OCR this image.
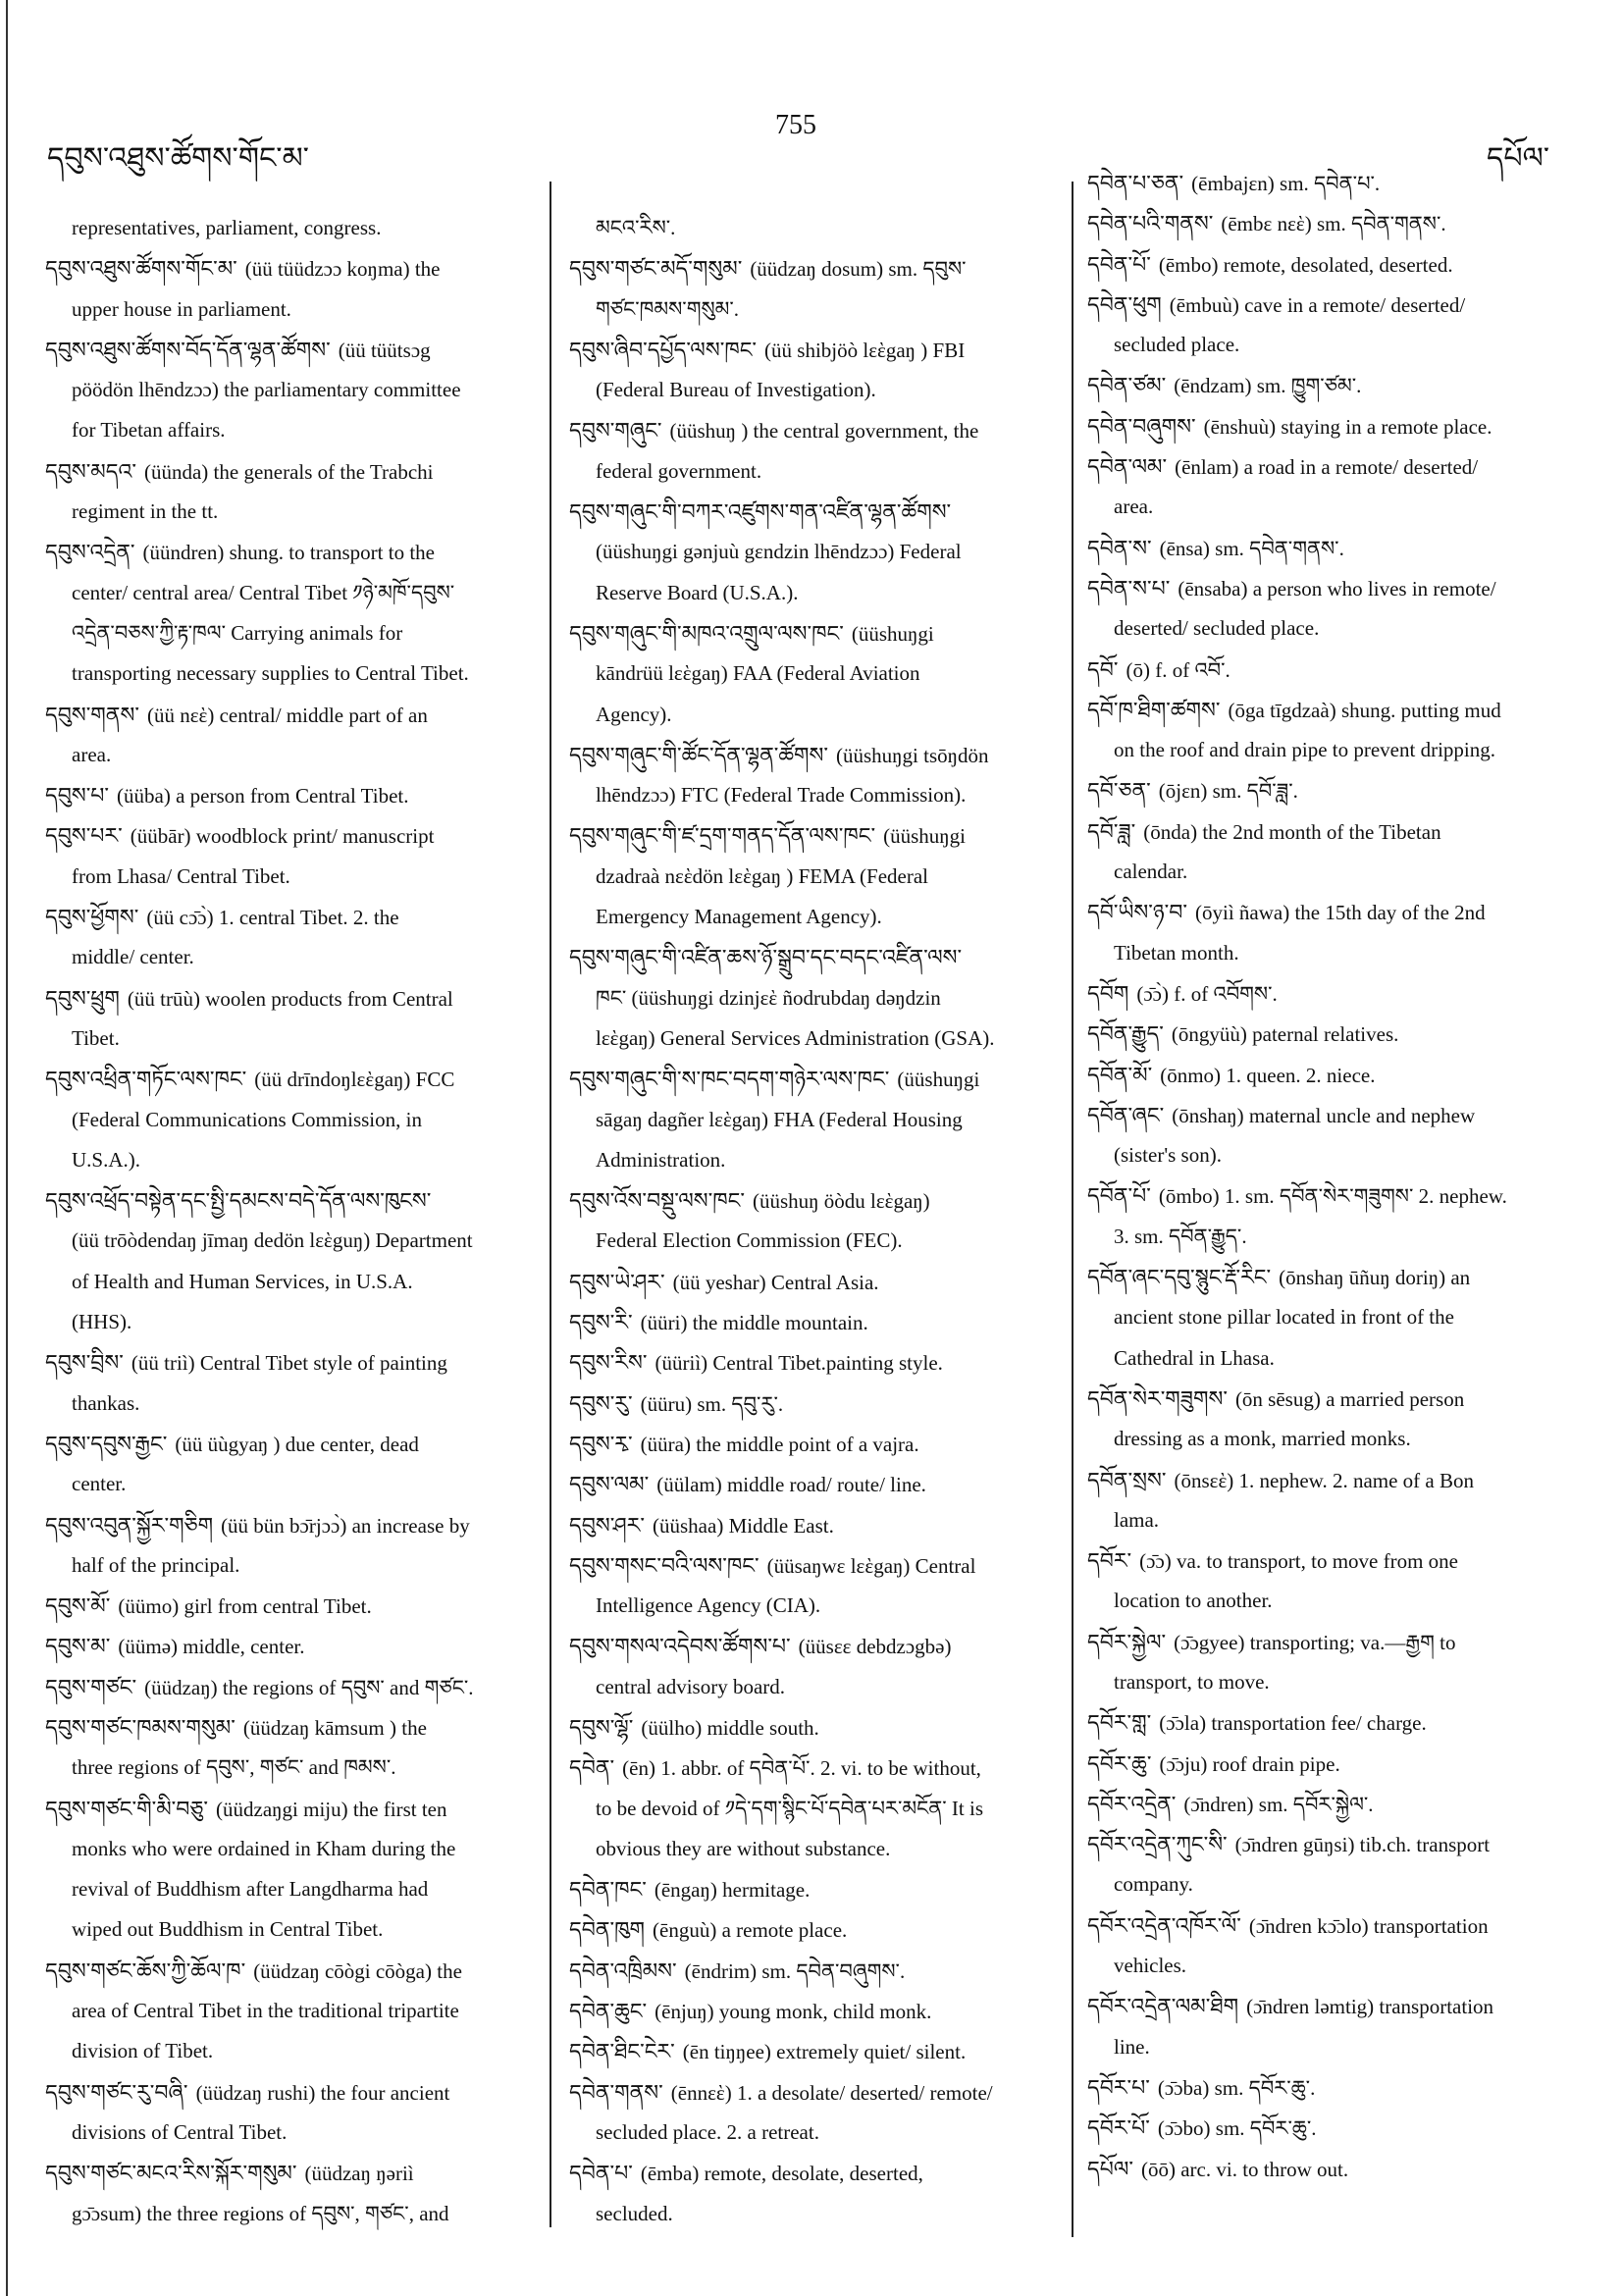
དབུས་འཐུས་ཚོགས་གོང་མ་
755
དཔོལ་
representatives, parliament, congress.
དབུས་འཐུས་ཚོགས་གོང་མ་ (üü tüüdzɔɔ koŋma) the
upper house in parliament.
དབུས་འཐུས་ཚོགས་བོད་དོན་ལྷན་ཚོགས་ (üü tüütsɔg
pöödön lhēndzɔɔ) the parliamentary committee
for Tibetan affairs.
དབུས་མདའ་ (üünda) the generals of the Trabchi
regiment in the tt.
དབུས་འདྲེན་ (üündren) shung. to transport to the
center/ central area/ Central Tibet ༡ཉེ་མཁོ་དབུས་
འདྲེན་བཅས་ཀྱི་རྟ་ཁལ་ Carrying animals for
transporting necessary supplies to Central Tibet.
དབུས་གནས་ (üü nεὲ) central/ middle part of an
area.
དབུས་པ་ (üüba) a person from Central Tibet.
དབུས་པར་ (üübār) woodblock print/ manuscript
from Lhasa/ Central Tibet.
དབུས་ཕྱོགས་ (üü cɔ̄ɔ̀) 1. central Tibet. 2. the
middle/ center.
དབུས་ཕྲུག (üü trūù) woolen products from Central
Tibet.
དབུས་འཕྲིན་གཏོང་ལས་ཁང་ (üü drīndoŋlεὲgaŋ) FCC
(Federal Communications Commission, in
U.S.A.).
དབུས་འཕྲོད་བསྟེན་དང་སྤྱི་དམངས་བདེ་དོན་ལས་ཁུངས་
(üü trōòdendaŋ jīmaŋ dedön lεὲguŋ) Department
of Health and Human Services, in U.S.A.
(HHS).
དབུས་བྲིས་ (üü triì) Central Tibet style of painting
thankas.
དབུས་དབུས་རྒྱང་ (üü üùgyaŋ ) due center, dead
center.
དབུས་འབུན་སྐྱོར་གཅིག (üü bün bɔ̄rjɔɔ̀) an increase by
half of the principal.
དབུས་མོ་ (üümo) girl from central Tibet.
དབུས་མ་ (üümə) middle, center.
དབུས་གཙང་ (üüdzaŋ) the regions of དབུས་ and གཙང་.
དབུས་གཙང་ཁམས་གསུམ་ (üüdzaŋ kāmsum ) the
three regions of དབུས་, གཙང་ and ཁམས་.
དབུས་གཙང་གི་མི་བཅུ་ (üüdzaŋgi miju) the first ten
monks who were ordained in Kham during the
revival of Buddhism after Langdharma had
wiped out Buddhism in Central Tibet.
དབུས་གཙང་ཆོས་ཀྱི་ཆོལ་ཁ་ (üüdzaŋ cōògi cōòga) the
area of Central Tibet in the traditional tripartite
division of Tibet.
དབུས་གཙང་རུ་བཞི་ (üüdzaŋ rushi) the four ancient
divisions of Central Tibet.
དབུས་གཙང་མངའ་རིས་སྐོར་གསུམ་ (üüdzaŋ ŋəriì
gɔ̄ɔsum) the three regions of དབུས་, གཙང་, and
མངའ་རིས་.
དབུས་གཙང་མདོ་གསུམ་ (üüdzaŋ dosum) sm. དབུས་
གཙང་ཁམས་གསུམ་.
དབུས་ཞིབ་དཔྱོད་ལས་ཁང་ (üü shibjöò lεὲgaŋ ) FBI
(Federal Bureau of Investigation).
དབུས་གཞུང་ (üüshuŋ ) the central government, the
federal government.
དབུས་གཞུང་གི་བཀར་འཛུགས་གན་འཛིན་ལྷན་ཚོགས་
(üüshuŋgi gənjuù gεndzin lhēndzɔɔ) Federal
Reserve Board (U.S.A.).
དབུས་གཞུང་གི་མཁའ་འགྲུལ་ལས་ཁང་ (üüshuŋgi
kāndrüü lεὲgaŋ) FAA (Federal Aviation
Agency).
དབུས་གཞུང་གི་ཚོང་དོན་ལྷན་ཚོགས་ (üüshuŋgi tsōŋdön
lhēndzɔɔ) FTC (Federal Trade Commission).
དབུས་གཞུང་གི་ཛ་དྲག་གནད་དོན་ལས་ཁང་ (üüshuŋgi
dzadraà nεὲdön lεὲgaŋ ) FEMA (Federal
Emergency Management Agency).
དབུས་གཞུང་གི་འཛིན་ཆས་ཉོ་སྒྲུབ་དང་བདང་འཛིན་ལས་
ཁང་ (üüshuŋgi dzinjεὲ ñodrubdaŋ dəŋdzin
lεὲgaŋ) General Services Administration (GSA).
དབུས་གཞུང་གི་ས་ཁང་བདག་གཉེར་ལས་ཁང་ (üüshuŋgi
sāgaŋ dagñer lεὲgaŋ) FHA (Federal Housing
Administration.
དབུས་འོས་བསྡུ་ལས་ཁང་ (üüshuŋ öòdu lεὲgaŋ)
Federal Election Commission (FEC).
དབུས་ཡེ་ཤར་ (üü yeshar) Central Asia.
དབུས་རི་ (üüri) the middle mountain.
དབུས་རིས་ (üüriì) Central Tibet.painting style.
དབུས་རུ་ (üüru) sm. དབུ་རུ་.
དབུས་རྭ་ (üüra) the middle point of a vajra.
དབུས་ལམ་ (üülam) middle road/ route/ line.
དབུས་ཤར་ (üüshaa) Middle East.
དབུས་གསང་བའི་ལས་ཁང་ (üüsaŋwε lεὲgaŋ) Central
Intelligence Agency (CIA).
དབུས་གསལ་འདེབས་ཚོགས་པ་ (üüsεε debdzɔgbə)
central advisory board.
དབུས་ལྷོ་ (üülho) middle south.
དབེན་ (ēn) 1. abbr. of དབེན་པོ་. 2. vi. to be without,
to be devoid of ༡དེ་དག་སྙིང་པོ་དབེན་པར་མངོན་ It is
obvious they are without substance.
དབེན་ཁང་ (ēngaŋ) hermitage.
དབེན་ཁུག (ēnguù) a remote place.
དབེན་འཁྲིམས་ (ēndrim) sm. དབེན་བཞུགས་.
དབེན་ཆུང་ (ēnjuŋ) young monk, child monk.
དབེན་ཐིང་ངེར་ (ēn tiŋŋee) extremely quiet/ silent.
དབེན་གནས་ (ēnnεὲ) 1. a desolate/ deserted/ remote/
secluded place. 2. a retreat.
དབེན་པ་ (ēmba) remote, desolate, deserted,
secluded.
དབེན་པ་ཅན་ (ēmbajεn) sm. དབེན་པ་.
དབེན་པའི་གནས་ (ēmbε nεὲ) sm. དབེན་གནས་.
དབེན་པོ་ (ēmbo) remote, desolated, deserted.
དབེན་ཕུག (ēmbuù) cave in a remote/ deserted/
secluded place.
དབེན་ཙམ་ (ēndzam) sm. ཁྱུག་ཙམ་.
དབེན་བཞུགས་ (ēnshuù) staying in a remote place.
དབེན་ལམ་ (ēnlam) a road in a remote/ deserted/
area.
དབེན་ས་ (ēnsa) sm. དབེན་གནས་.
དབེན་ས་པ་ (ēnsaba) a person who lives in remote/
deserted/ secluded place.
དབོ་ (ō) f. of འབོ་.
དབོ་ཁ་ཐིག་ཚགས་ (ōga tīgdzaà) shung. putting mud
on the roof and drain pipe to prevent dripping.
དབོ་ཅན་ (ōjεn) sm. དབོ་ཟླ་.
དབོ་ཟླ་ (ōnda) the 2nd month of the Tibetan
calendar.
དབོ་ཡིས་ཉ་བ་ (ōyiì ñawa) the 15th day of the 2nd
Tibetan month.
དབོག (ɔ̄ɔ̀) f. of འབོགས་.
དབོན་རྒྱུད་ (ōngyüù) paternal relatives.
དབོན་མོ་ (ōnmo) 1. queen. 2. niece.
དབོན་ཞང་ (ōnshaŋ) maternal uncle and nephew
(sister's son).
དབོན་པོ་ (ōmbo) 1. sm. དབོན་སེར་གཟུགས་ 2. nephew.
3. sm. དབོན་རྒྱུད་.
དབོན་ཞང་དབུ་སྙུང་རྡོ་རིང་ (ōnshaŋ ūñuŋ doriŋ) an
ancient stone pillar located in front of the
Cathedral in Lhasa.
དབོན་སེར་གཟུགས་ (ōn sēsug) a married person
dressing as a monk, married monks.
དབོན་སྲས་ (ōnsεὲ) 1. nephew. 2. name of a Bon
lama.
དབོར་ (ɔ̄ɔ) va. to transport, to move from one
location to another.
དབོར་སྐྱེལ་ (ɔ̄ɔgyee) transporting; va.—རྒྱག to
transport, to move.
དབོར་གླ་ (ɔ̄ɔla) transportation fee/ charge.
དབོར་ཆུ་ (ɔ̄ɔju) roof drain pipe.
དབོར་འདྲེན་ (ɔ̄ndren) sm. དབོར་སྐྱེལ་.
དབོར་འདྲེན་ཀུང་སི་ (ɔ̄ndren gūŋsi) tib.ch. transport
company.
དབོར་འདྲེན་འཁོར་ལོ་ (ɔ̄ndren kɔ̄ɔlo) transportation
vehicles.
དབོར་འདྲེན་ལམ་ཐིག (ɔ̄ndren ləmtig) transportation
line.
དབོར་པ་ (ɔ̄ɔba) sm. དབོར་ཆུ་.
དབོར་པོ་ (ɔ̄ɔbo) sm. དབོར་ཆུ་.
དཔོལ་ (ōō) arc. vi. to throw out.
